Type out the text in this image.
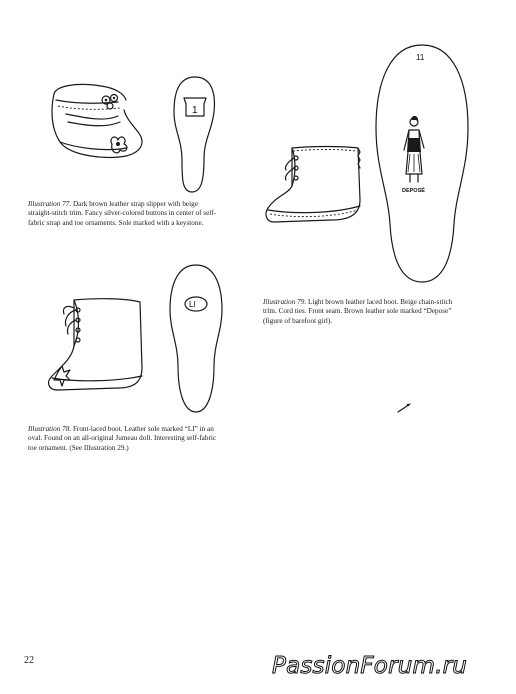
1
Illustration 77. Dark brown leather strap slipper with beige
straight-stitch trim. Fancy silver-colored buttons in center of self-
fabric strap and toe ornaments. Sole marked with a keystone.
11
DEPOSÉ
Illustration 79. Light brown leather laced boot. Beige chain-stitch
trim. Cord ties. Front seam. Brown leather sole marked “Depose”
(figure of barefoot girl).
LI
Illustration 78. Front-laced boot. Leather sole marked “LI” in an
oval. Found on an all-original Jumeau doll. Interesting self-fabric
toe ornament. (See Illustration 29.)
22	PassionForum.ru
